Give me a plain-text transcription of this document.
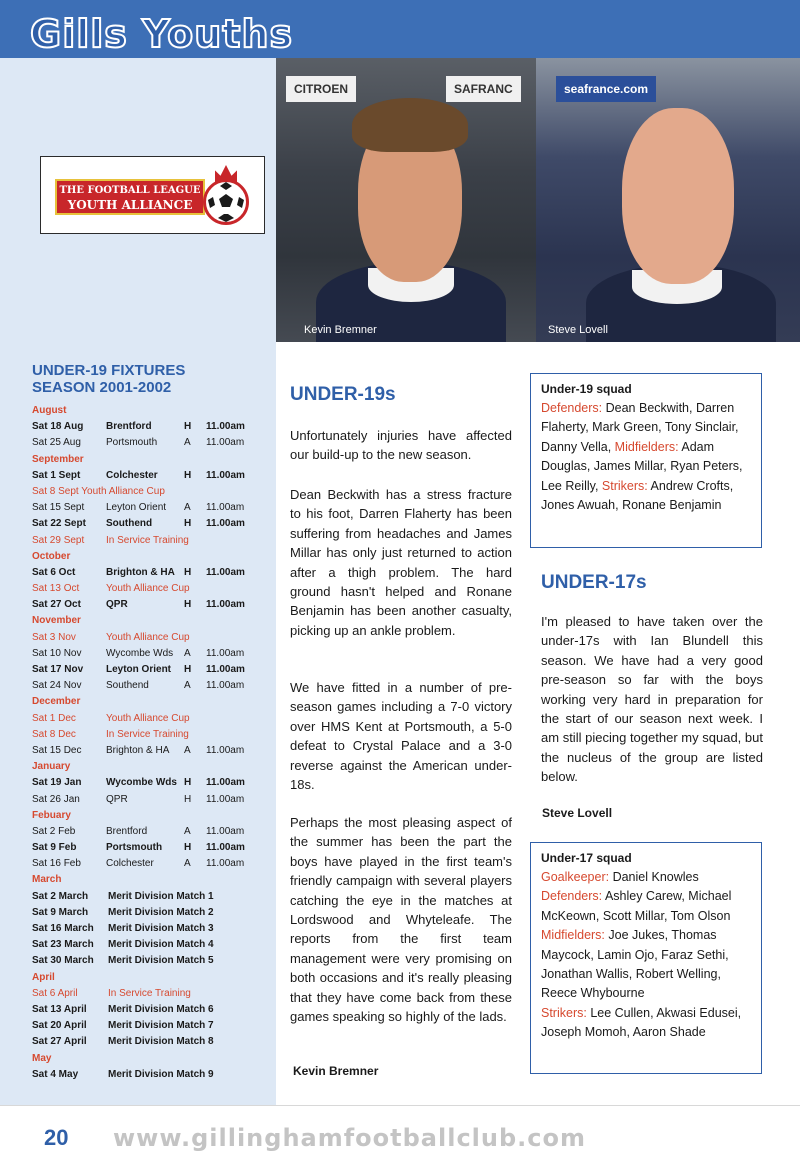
Gills Youths
THE FOOTBALL LEAGUE
YOUTH ALLIANCE
CITROEN	SAFRANC
Kevin Bremner
seafrance.com
Steve Lovell
UNDER-19 FIXTURES
SEASON 2001-2002
August
Sat 18 Aug Brentford	H 11.00am
Sat 25 Aug	Portsmouth	A 11.00am
September
Sat 1 Sept	Colchester	H 11.00am
Sat 8 Sept Youth Alliance Cup
Sat 15 Sept Leyton Orient A 11.00am
Sat 22 Sept Southend	H 11.00am
Sat 29 Sept In Service Training
October
Sat 6 Oct	Brighton & HA H 11.00am
Sat 13 Oct	Youth Alliance Cup
Sat 27 Oct	QPR	H 11.00am
November
Sat 3 Nov	Youth Alliance Cup
Sat 10 Nov Wycombe Wds A 11.00am
Sat 17 Nov Leyton Orient H 11.00am
Sat 24 Nov Southend	A 11.00am
December
Sat 1 Dec	Youth Alliance Cup
Sat 8 Dec	In Service Training
Sat 15 Dec Brighton & HA A 11.00am
January
Sat 19 Jan Wycombe Wds H 11.00am
Sat 26 Jan	QPR	H 11.00am
Febuary
Sat 2 Feb	Brentford	A 11.00am
Sat 9 Feb	Portsmouth H 11.00am
Sat 16 Feb	Colchester	A 11.00am
March
Sat 2 March Merit Division Match 1
Sat 9 March Merit Division Match 2
Sat 16 March Merit Division Match 3
Sat 23 March Merit Division Match 4
Sat 30 March Merit Division Match 5
April
Sat 6 April	In Service Training
Sat 13 April Merit Division Match 6
Sat 20 April Merit Division Match 7
Sat 27 April Merit Division Match 8
May
Sat 4 May	Merit Division Match 9
UNDER-19s

Unfortunately injuries have affected our build-up to the new season.

Dean Beckwith has a stress fracture to his foot, Darren Flaherty has been suffering from headaches and James Millar has only just returned to action after a thigh problem. The hard ground hasn't helped and Ronane Benjamin has been another casualty, picking up an ankle problem.

We have fitted in a number of pre-season games including a 7-0 victory over HMS Kent at Portsmouth, a 5-0 defeat to Crystal Palace and a 3-0 reverse against the American under-18s.

Perhaps the most pleasing aspect of the summer has been the part the boys have played in the first team's friendly campaign with several players catching the eye in the matches at Lordswood and Whyteleafe. The reports from the first team management were very promising on both occasions and it's really pleasing that they have come back from these games speaking so highly of the lads.

Kevin Bremner
Under-19 squad
Defenders: Dean Beckwith, Darren Flaherty, Mark Green, Tony Sinclair, Danny Vella, Midfielders: Adam Douglas, James Millar, Ryan Peters, Lee Reilly, Strikers: Andrew Crofts, Jones Awuah, Ronane Benjamin
UNDER-17s

I'm pleased to have taken over the under-17s with Ian Blundell this season. We have had a very good pre-season so far with the boys working very hard in preparation for the start of our season next week. I am still piecing together my squad, but the nucleus of the group are listed below.

Steve Lovell
Under-17 squad
Goalkeeper: Daniel Knowles
Defenders: Ashley Carew, Michael McKeown, Scott Millar, Tom Olson
Midfielders: Joe Jukes, Thomas Maycock, Lamin Ojo, Faraz Sethi, Jonathan Wallis, Robert Welling, Reece Whybourne
Strikers: Lee Cullen, Akwasi Edusei, Joseph Momoh, Aaron Shade
20 www.gillinghamfootballclub.com
